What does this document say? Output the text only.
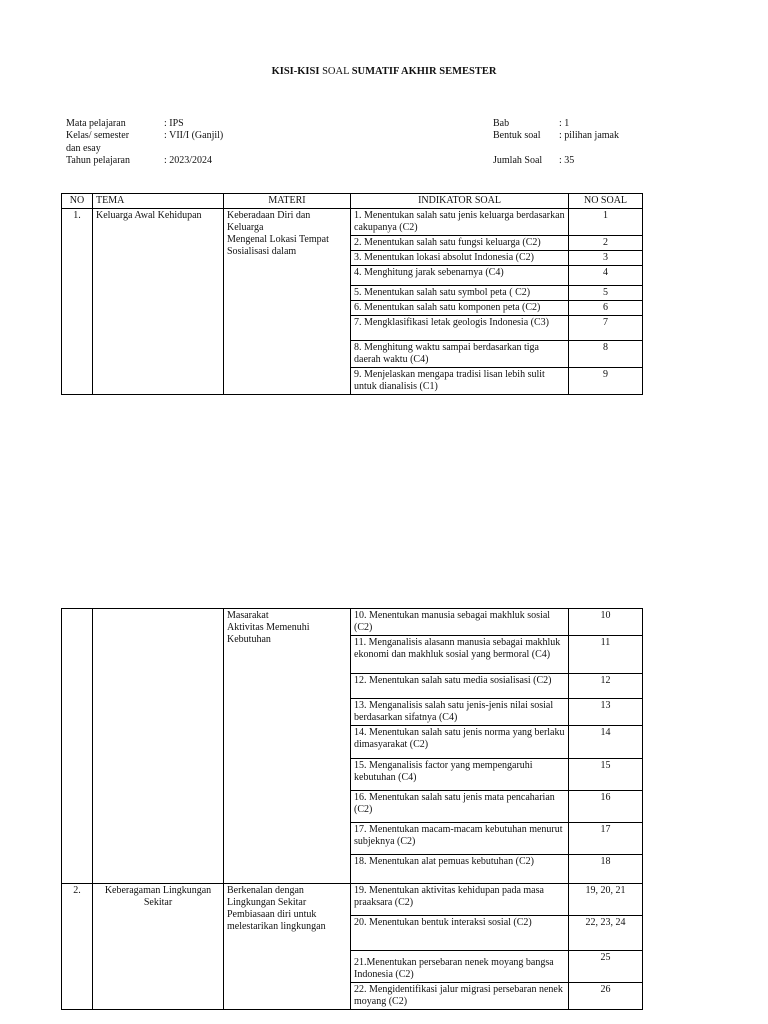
KISI-KISI SOAL SUMATIF AKHIR SEMESTER
Mata pelajaran	: IPS
Kelas/ semester	: VII/I (Ganjil)
dan esay
Tahun pelajaran	: 2023/2024
Bab	: 1
Bentuk soal : pilihan jamak
Jumlah Soal : 35
NO	TEMA	MATERI	INDIKATOR SOAL	NO SOAL
1.	Keluarga Awal Kehidupan	Keberadaan Diri dan
Keluarga
Mengenal Lokasi Tempat
Sosialisasi dalam	1. Menentukan salah satu jenis keluarga berdasarkan cakupanya (C2)	1
			2. Menentukan salah satu fungsi keluarga (C2)	2
			3. Menentukan lokasi absolut Indonesia (C2)	3
			4. Menghitung jarak sebenarnya (C4)	4
			5. Menentukan salah satu symbol peta ( C2)	5
			6. Menentukan salah satu komponen peta (C2)	6
			7. Mengklasifikasi letak geologis Indonesia (C3)	7
			8. Menghitung waktu sampai berdasarkan tiga daerah waktu (C4)	8
			9. Menjelaskan mengapa tradisi lisan lebih sulit untuk dianalisis (C1)	9

		Masarakat
Aktivitas Memenuhi
Kebutuhan	10. Menentukan manusia sebagai makhluk sosial (C2)	10
			11. Menganalisis alasann manusia sebagai makhluk ekonomi dan makhluk sosial yang bermoral (C4)	11
			12. Menentukan salah satu media sosialisasi (C2)	12
			13. Menganalisis salah satu jenis-jenis nilai sosial berdasarkan sifatnya (C4)	13
			14. Menentukan salah satu jenis norma yang berlaku dimasyarakat (C2)	14
			15. Menganalisis factor yang mempengaruhi kebutuhan (C4)	15
			16. Menentukan salah satu jenis mata pencaharian (C2)	16
			17. Menentukan macam-macam kebutuhan menurut subjeknya (C2)	17
			18. Menentukan alat pemuas kebutuhan (C2)	18
2.	Keberagaman Lingkungan Sekitar	Berkenalan dengan
Lingkungan Sekitar
Pembiasaan diri untuk
melestarikan lingkungan	19. Menentukan aktivitas kehidupan pada masa praaksara (C2)	19, 20, 21
			20. Menentukan bentuk interaksi sosial (C2)	22, 23, 24
			21.Menentukan persebaran nenek moyang bangsa Indonesia (C2)	25
			22. Mengidentifikasi jalur migrasi persebaran nenek moyang (C2)	26
